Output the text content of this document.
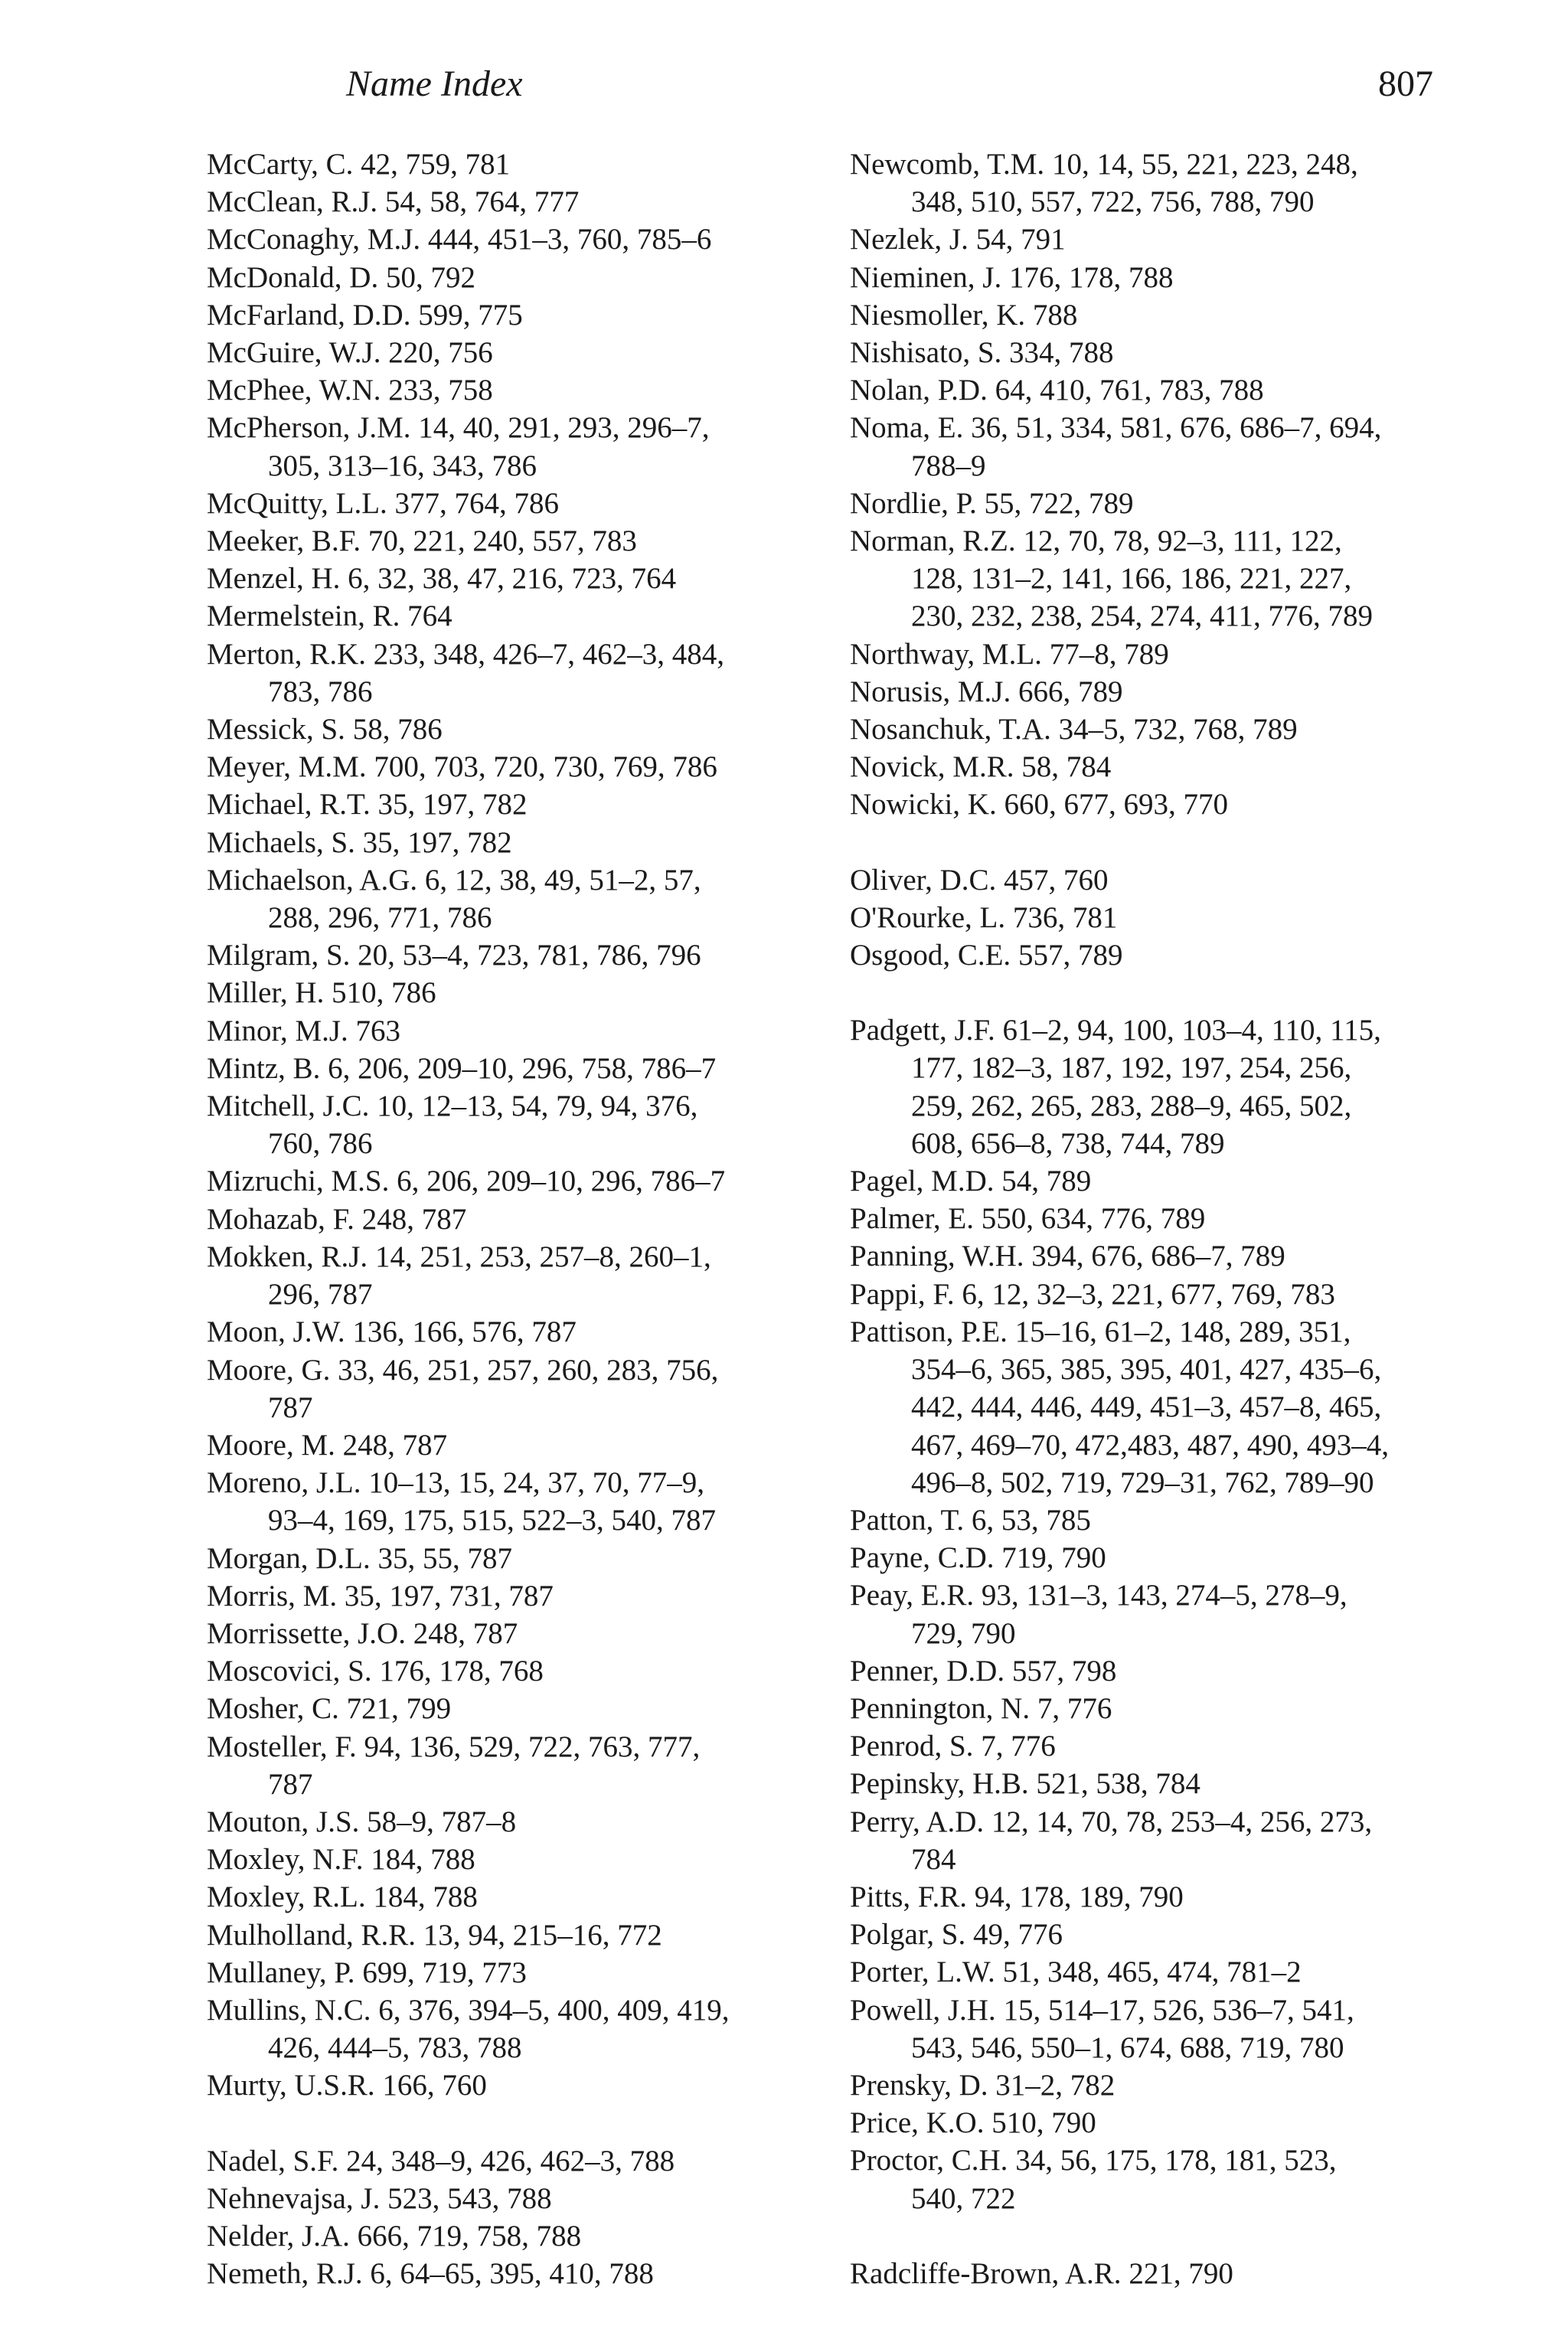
Name Index	807
McCarty, C. 42, 759, 781
McClean, R.J. 54, 58, 764, 777
McConaghy, M.J. 444, 451–3, 760, 785–6
McDonald, D. 50, 792
McFarland, D.D. 599, 775
McGuire, W.J. 220, 756
McPhee, W.N. 233, 758
McPherson, J.M. 14, 40, 291, 293, 296–7,
305, 313–16, 343, 786
McQuitty, L.L. 377, 764, 786
Meeker, B.F. 70, 221, 240, 557, 783
Menzel, H. 6, 32, 38, 47, 216, 723, 764
Mermelstein, R. 764
Merton, R.K. 233, 348, 426–7, 462–3, 484,
783, 786
Messick, S. 58, 786
Meyer, M.M. 700, 703, 720, 730, 769, 786
Michael, R.T. 35, 197, 782
Michaels, S. 35, 197, 782
Michaelson, A.G. 6, 12, 38, 49, 51–2, 57,
288, 296, 771, 786
Milgram, S. 20, 53–4, 723, 781, 786, 796
Miller, H. 510, 786
Minor, M.J. 763
Mintz, B. 6, 206, 209–10, 296, 758, 786–7
Mitchell, J.C. 10, 12–13, 54, 79, 94, 376,
760, 786
Mizruchi, M.S. 6, 206, 209–10, 296, 786–7
Mohazab, F. 248, 787
Mokken, R.J. 14, 251, 253, 257–8, 260–1,
296, 787
Moon, J.W. 136, 166, 576, 787
Moore, G. 33, 46, 251, 257, 260, 283, 756,
787
Moore, M. 248, 787
Moreno, J.L. 10–13, 15, 24, 37, 70, 77–9,
93–4, 169, 175, 515, 522–3, 540, 787
Morgan, D.L. 35, 55, 787
Morris, M. 35, 197, 731, 787
Morrissette, J.O. 248, 787
Moscovici, S. 176, 178, 768
Mosher, C. 721, 799
Mosteller, F. 94, 136, 529, 722, 763, 777,
787
Mouton, J.S. 58–9, 787–8
Moxley, N.F. 184, 788
Moxley, R.L. 184, 788
Mulholland, R.R. 13, 94, 215–16, 772
Mullaney, P. 699, 719, 773
Mullins, N.C. 6, 376, 394–5, 400, 409, 419,
426, 444–5, 783, 788
Murty, U.S.R. 166, 760
Nadel, S.F. 24, 348–9, 426, 462–3, 788
Nehnevajsa, J. 523, 543, 788
Nelder, J.A. 666, 719, 758, 788
Nemeth, R.J. 6, 64–65, 395, 410, 788
Newcomb, T.M. 10, 14, 55, 221, 223, 248,
348, 510, 557, 722, 756, 788, 790
Nezlek, J. 54, 791
Nieminen, J. 176, 178, 788
Niesmoller, K. 788
Nishisato, S. 334, 788
Nolan, P.D. 64, 410, 761, 783, 788
Noma, E. 36, 51, 334, 581, 676, 686–7, 694,
788–9
Nordlie, P. 55, 722, 789
Norman, R.Z. 12, 70, 78, 92–3, 111, 122,
128, 131–2, 141, 166, 186, 221, 227,
230, 232, 238, 254, 274, 411, 776, 789
Northway, M.L. 77–8, 789
Norusis, M.J. 666, 789
Nosanchuk, T.A. 34–5, 732, 768, 789
Novick, M.R. 58, 784
Nowicki, K. 660, 677, 693, 770
Oliver, D.C. 457, 760
O'Rourke, L. 736, 781
Osgood, C.E. 557, 789
Padgett, J.F. 61–2, 94, 100, 103–4, 110, 115,
177, 182–3, 187, 192, 197, 254, 256,
259, 262, 265, 283, 288–9, 465, 502,
608, 656–8, 738, 744, 789
Pagel, M.D. 54, 789
Palmer, E. 550, 634, 776, 789
Panning, W.H. 394, 676, 686–7, 789
Pappi, F. 6, 12, 32–3, 221, 677, 769, 783
Pattison, P.E. 15–16, 61–2, 148, 289, 351,
354–6, 365, 385, 395, 401, 427, 435–6,
442, 444, 446, 449, 451–3, 457–8, 465,
467, 469–70, 472,483, 487, 490, 493–4,
496–8, 502, 719, 729–31, 762, 789–90
Patton, T. 6, 53, 785
Payne, C.D. 719, 790
Peay, E.R. 93, 131–3, 143, 274–5, 278–9,
729, 790
Penner, D.D. 557, 798
Pennington, N. 7, 776
Penrod, S. 7, 776
Pepinsky, H.B. 521, 538, 784
Perry, A.D. 12, 14, 70, 78, 253–4, 256, 273,
784
Pitts, F.R. 94, 178, 189, 790
Polgar, S. 49, 776
Porter, L.W. 51, 348, 465, 474, 781–2
Powell, J.H. 15, 514–17, 526, 536–7, 541,
543, 546, 550–1, 674, 688, 719, 780
Prensky, D. 31–2, 782
Price, K.O. 510, 790
Proctor, C.H. 34, 56, 175, 178, 181, 523,
540, 722
Radcliffe-Brown, A.R. 221, 790
